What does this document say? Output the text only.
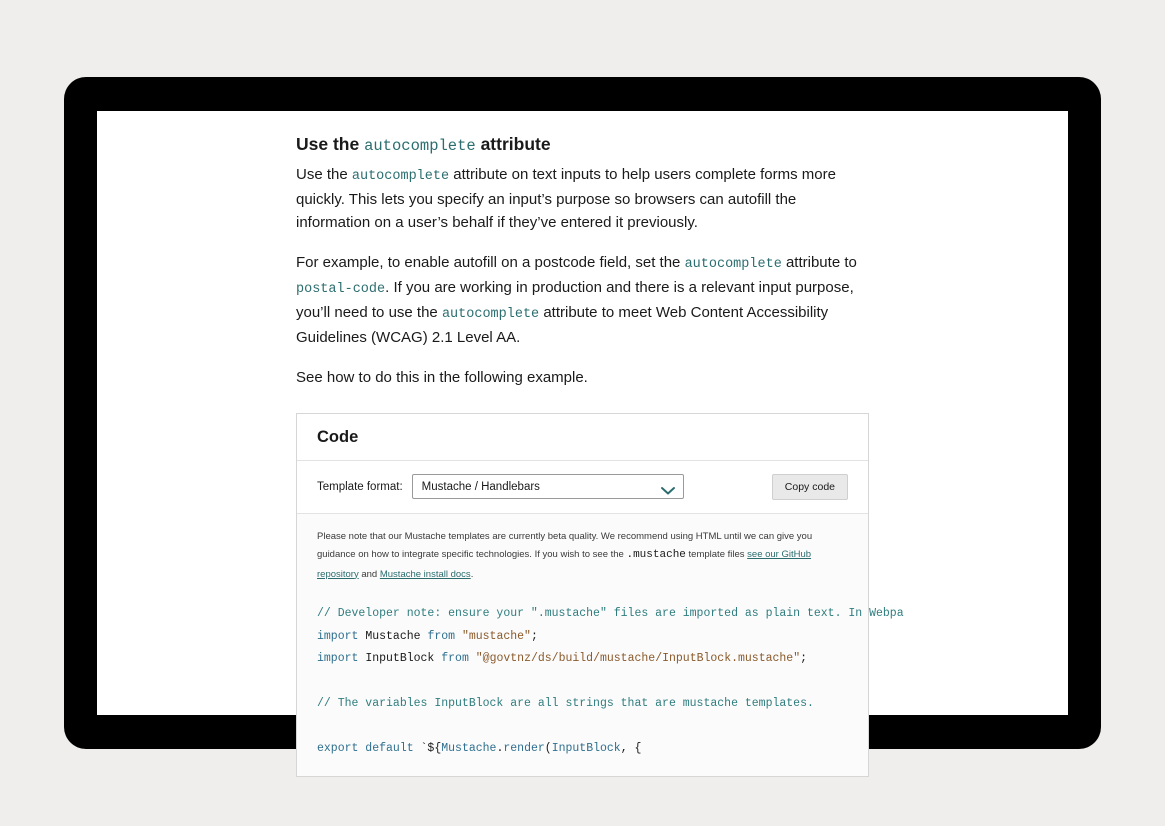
Use the autocomplete attribute

Use the autocomplete attribute on text inputs to help users complete forms more quickly. This lets you specify an input’s purpose so browsers can autofill the information on a user’s behalf if they’ve entered it previously.

For example, to enable autofill on a postcode field, set the autocomplete attribute to postal-code. If you are working in production and there is a relevant input purpose, you’ll need to use the autocomplete attribute to meet Web Content Accessibility Guidelines (WCAG) 2.1 Level AA.

See how to do this in the following example.

Code
Template format:	Mustache / Handlebars	Copy code
Please note that our Mustache templates are currently beta quality. We recommend using HTML until we can give you guidance on how to integrate specific technologies. If you wish to see the .mustache template files see our GitHub repository and Mustache install docs.
// Developer note: ensure your ".mustache" files are imported as plain text. In Webpa
import Mustache from "mustache";
import InputBlock from "@govtnz/ds/build/mustache/InputBlock.mustache";

// The variables InputBlock are all strings that are mustache templates.

export default `${Mustache.render(InputBlock, {
